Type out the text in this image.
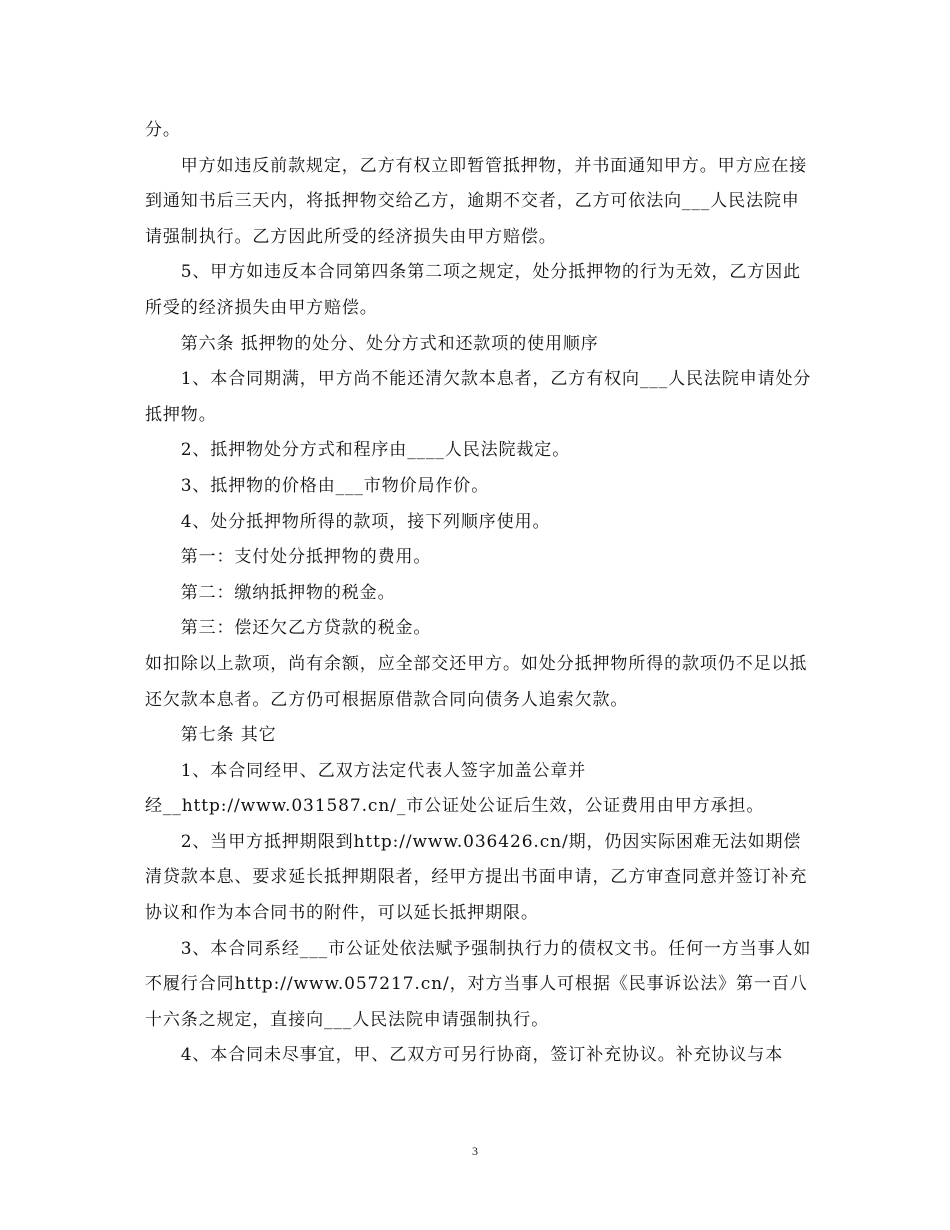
分。

甲方如违反前款规定，乙方有权立即暂管抵押物，并书面通知甲方。甲方应在接到通知书后三天内，将抵押物交给乙方，逾期不交者，乙方可依法向___人民法院申请强制执行。乙方因此所受的经济损失由甲方赔偿。

5、甲方如违反本合同第四条第二项之规定，处分抵押物的行为无效，乙方因此所受的经济损失由甲方赔偿。

第六条 抵押物的处分、处分方式和还款项的使用顺序

1、本合同期满，甲方尚不能还清欠款本息者，乙方有权向___人民法院申请处分抵押物。

2、抵押物处分方式和程序由____人民法院裁定。

3、抵押物的价格由___市物价局作价。

4、处分抵押物所得的款项，接下列顺序使用。

第一：支付处分抵押物的费用。

第二：缴纳抵押物的税金。

第三：偿还欠乙方贷款的税金。

如扣除以上款项，尚有余额，应全部交还甲方。如处分抵押物所得的款项仍不足以抵还欠款本息者。乙方仍可根据原借款合同向债务人追索欠款。

第七条 其它

1、本合同经甲、乙双方法定代表人签字加盖公章并
经__http://www.031587.cn/_市公证处公证后生效，公证费用由甲方承担。

2、当甲方抵押期限到http://www.036426.cn/期，仍因实际困难无法如期偿清贷款本息、要求延长抵押期限者，经甲方提出书面申请，乙方审查同意并签订补充协议和作为本合同书的附件，可以延长抵押期限。

3、本合同系经___市公证处依法赋予强制执行力的债权文书。任何一方当事人如不履行合同http://www.057217.cn/，对方当事人可根据《民事诉讼法》第一百八十六条之规定，直接向___人民法院申请强制执行。

4、本合同未尽事宜，甲、乙双方可另行协商，签订补充协议。补充协议与本

3
